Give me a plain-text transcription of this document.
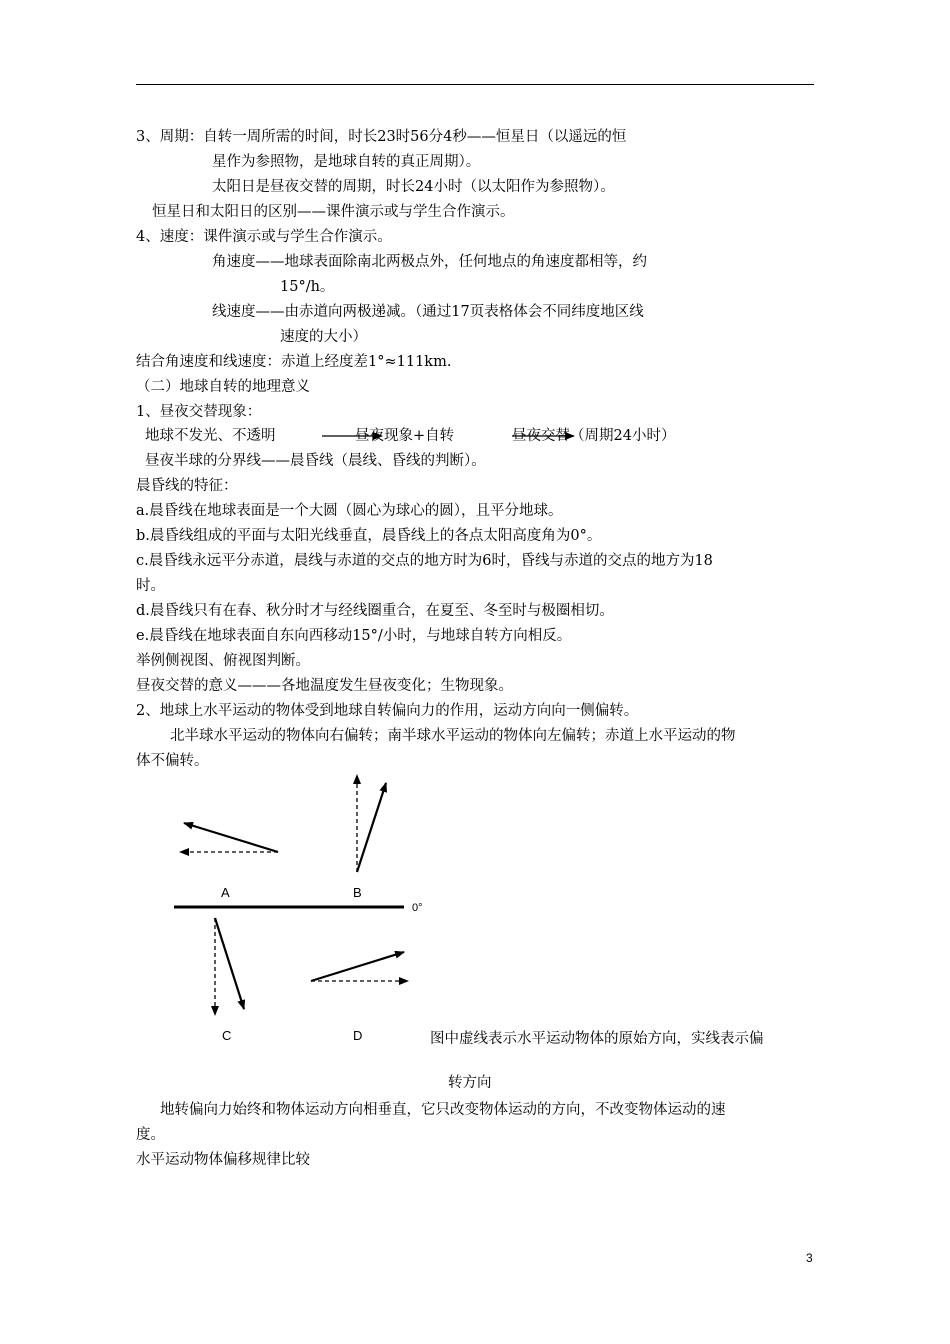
3、周期：自转一周所需的时间，时长23时56分4秒——恒星日（以遥远的恒
星作为参照物，是地球自转的真正周期）。
太阳日是昼夜交替的周期，时长24小时（以太阳作为参照物）。
恒星日和太阳日的区别——课件演示或与学生合作演示。
4、速度：课件演示或与学生合作演示。
角速度——地球表面除南北两极点外，任何地点的角速度都相等，约
15°/h。
线速度——由赤道向两极递减。（通过17页表格体会不同纬度地区线
速度的大小）
结合角速度和线速度：赤道上经度差1°≈111km.
（二）地球自转的地理意义
1、昼夜交替现象：
地球不发光、不透明	昼夜现象+自转	昼夜交替（周期24小时）
昼夜半球的分界线——晨昏线（晨线、昏线的判断）。
晨昏线的特征：
a.晨昏线在地球表面是一个大圆（圆心为球心的圆），且平分地球。
b.晨昏线组成的平面与太阳光线垂直，晨昏线上的各点太阳高度角为0°。
c.晨昏线永远平分赤道，晨线与赤道的交点的地方时为6时，昏线与赤道的交点的地方为18
时。
d.晨昏线只有在春、秋分时才与经线圈重合，在夏至、冬至时与极圈相切。
e.晨昏线在地球表面自东向西移动15°/小时，与地球自转方向相反。
举例侧视图、俯视图判断。
昼夜交替的意义———各地温度发生昼夜变化；生物现象。
2、地球上水平运动的物体受到地球自转偏向力的作用，运动方向向一侧偏转。
北半球水平运动的物体向右偏转；南半球水平运动的物体向左偏转；赤道上水平运动的物
体不偏转。
0°
A	B
C	D	图中虚线表示水平运动物体的原始方向，实线表示偏
转方向
地转偏向力始终和物体运动方向相垂直，它只改变物体运动的方向，不改变物体运动的速
度。
水平运动物体偏移规律比较
3
